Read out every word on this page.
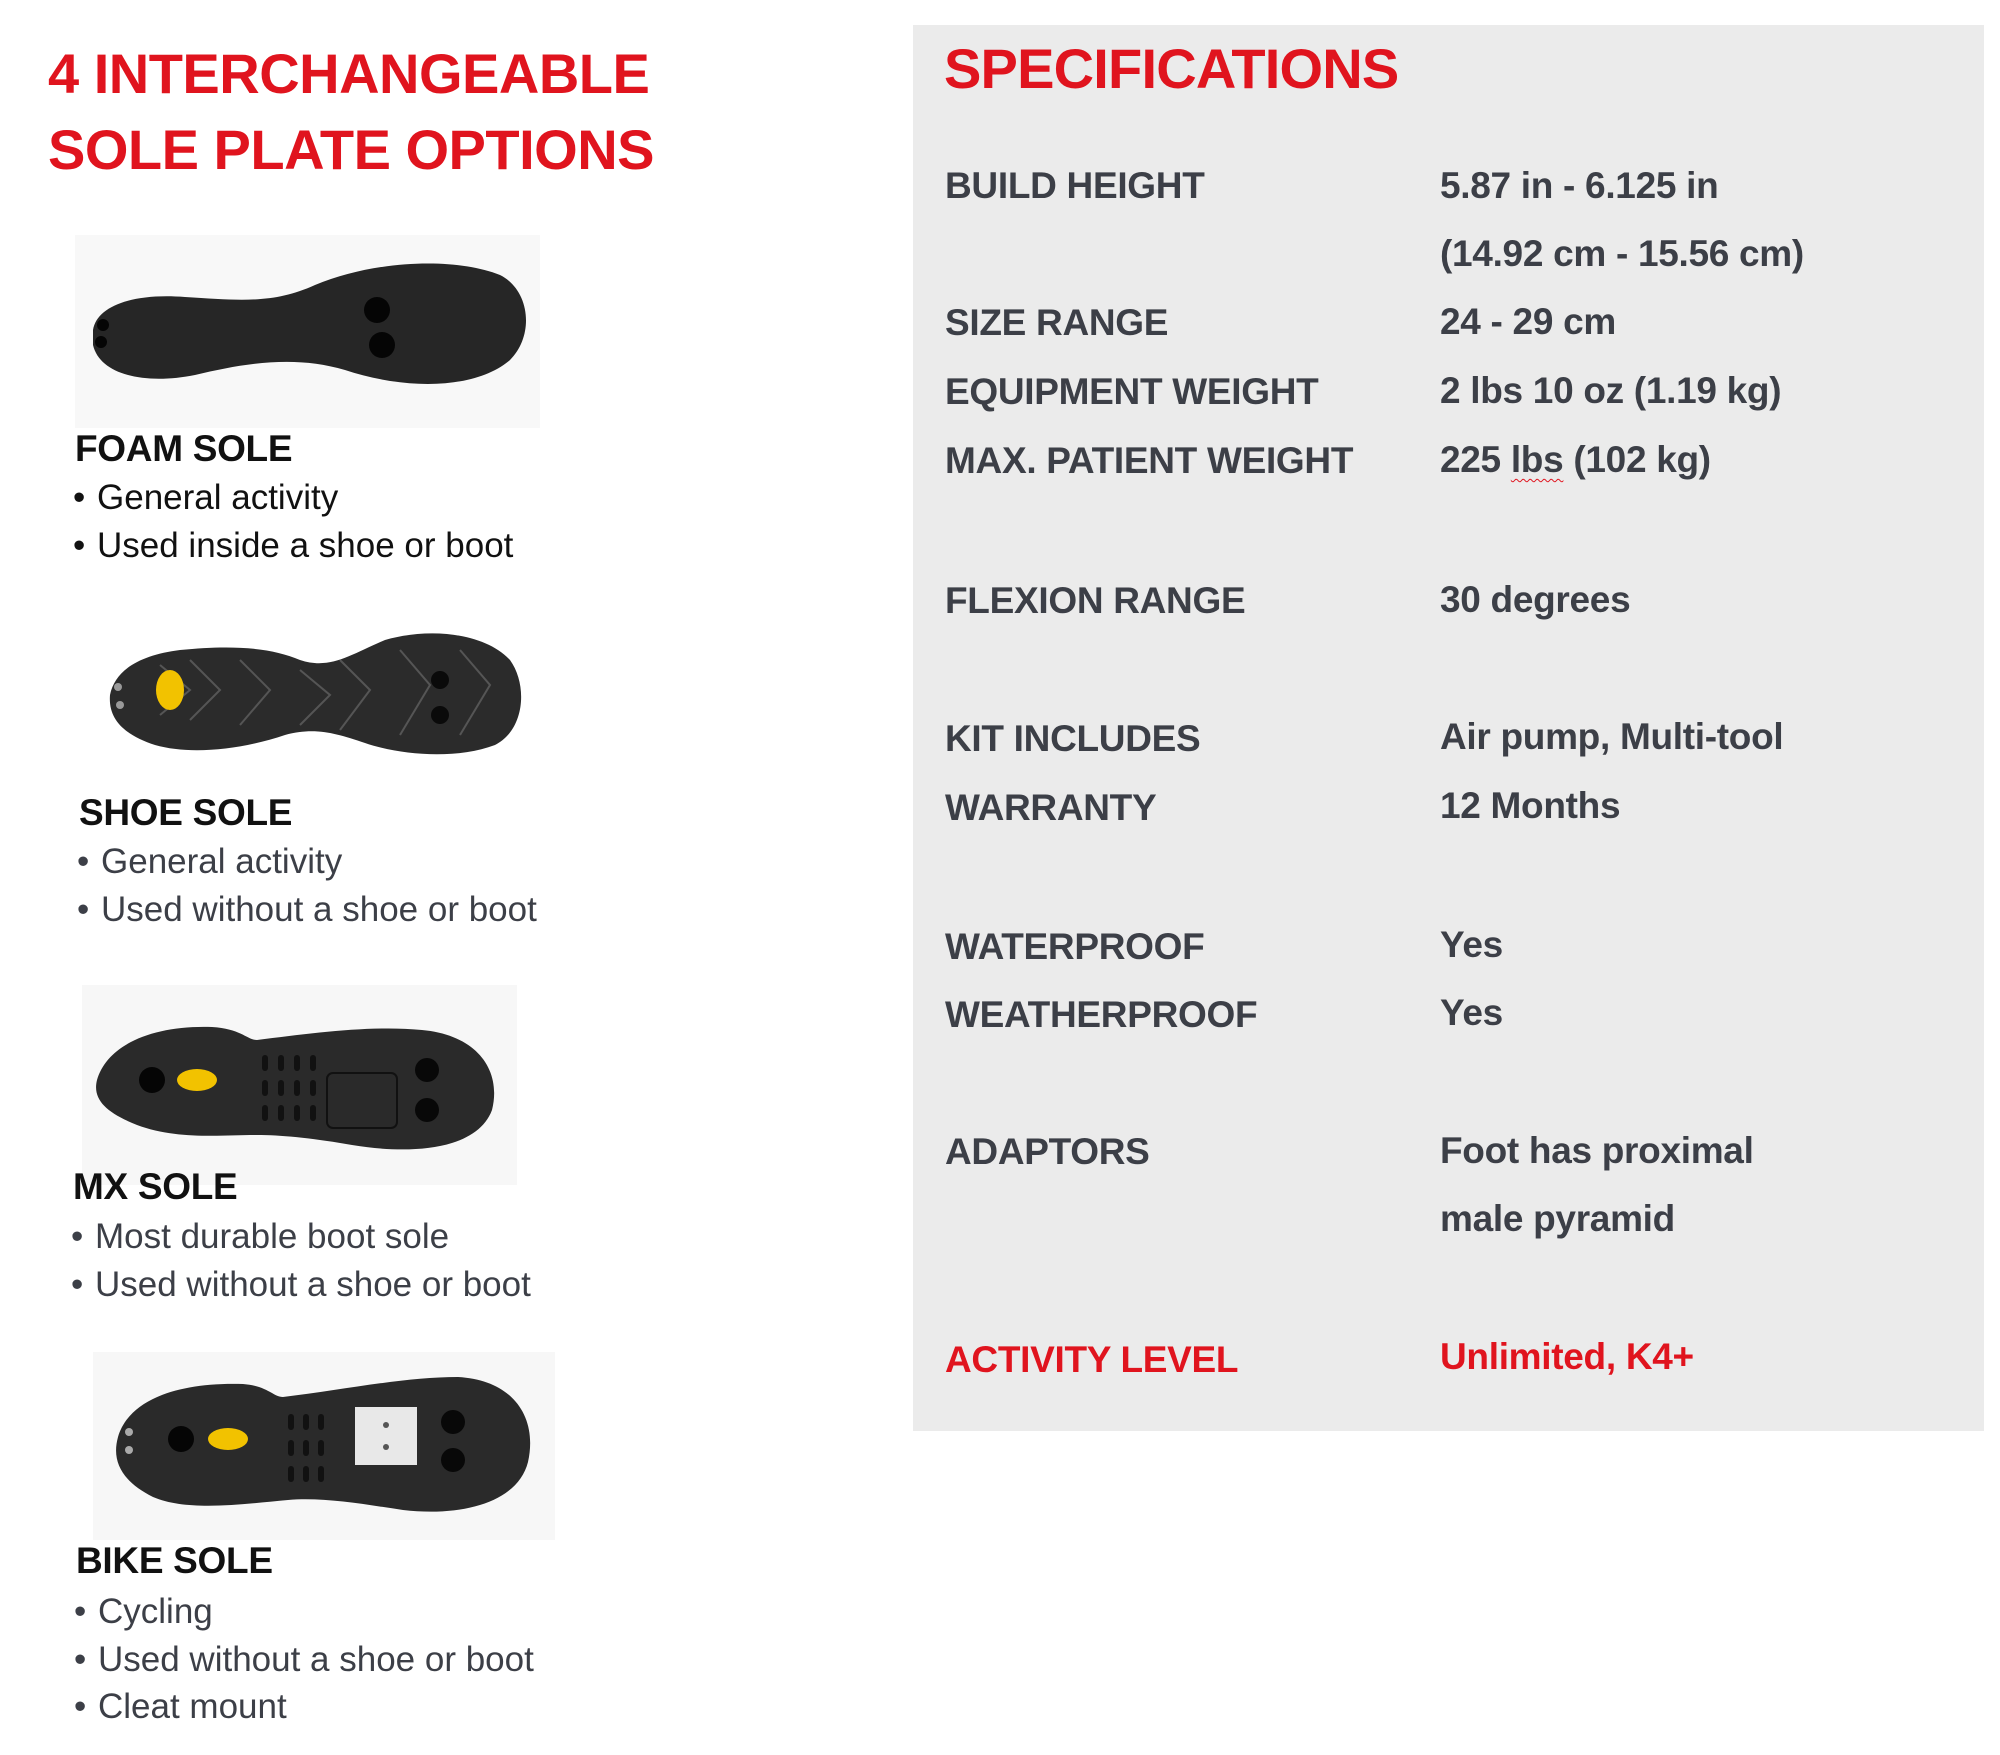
4 INTERCHANGEABLE
SOLE PLATE OPTIONS
FOAM SOLE
• General activity
• Used inside a shoe or boot
SHOE SOLE
• General activity
• Used without a shoe or boot
MX SOLE
• Most durable boot sole
• Used without a shoe or boot
BIKE SOLE
• Cycling
• Used without a shoe or boot
• Cleat mount
SPECIFICATIONS
BUILD HEIGHT	5.87 in - 6.125 in
(14.92 cm - 15.56 cm)
SIZE RANGE	24 - 29 cm
EQUIPMENT WEIGHT	2 lbs 10 oz (1.19 kg)
MAX. PATIENT WEIGHT 225 lbs (102 kg)
FLEXION RANGE	30 degrees
KIT INCLUDES	Air pump, Multi-tool
WARRANTY	12 Months
WATERPROOF	Yes
WEATHERPROOF	Yes
ADAPTORS	Foot has proximal
male pyramid
ACTIVITY LEVEL	Unlimited, K4+
